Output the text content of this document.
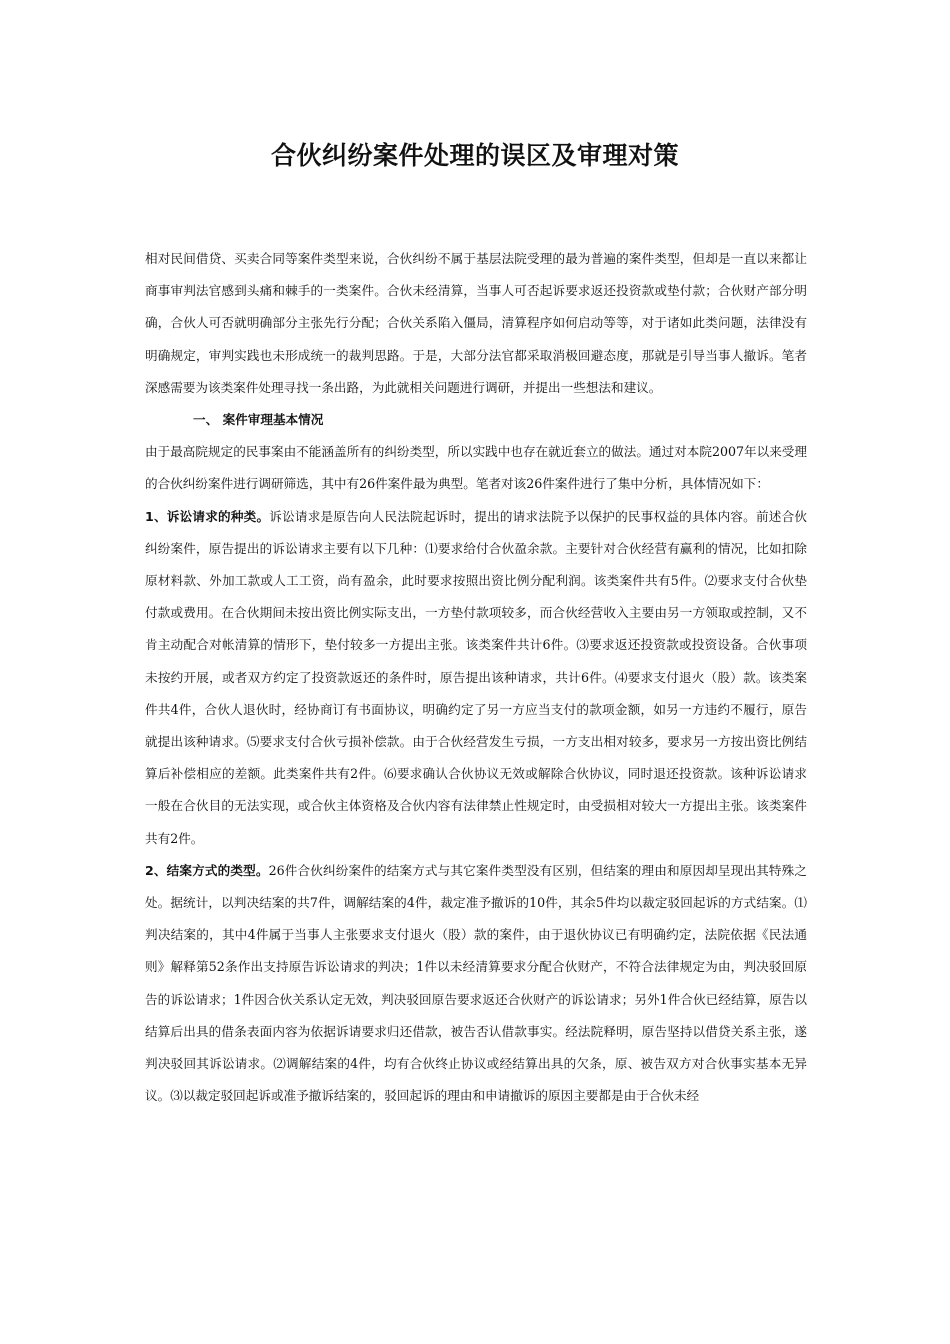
合伙纠纷案件处理的误区及审理对策

相对民间借贷、买卖合同等案件类型来说，合伙纠纷不属于基层法院受理的最为普遍的案件类型，但却是一直以来都让商事审判法官感到头痛和棘手的一类案件。合伙未经清算，当事人可否起诉要求返还投资款或垫付款；合伙财产部分明确，合伙人可否就明确部分主张先行分配；合伙关系陷入僵局，清算程序如何启动等等，对于诸如此类问题，法律没有明确规定，审判实践也未形成统一的裁判思路。于是，大部分法官都采取消极回避态度，那就是引导当事人撤诉。笔者深感需要为该类案件处理寻找一条出路，为此就相关问题进行调研，并提出一些想法和建议。

一、 案件审理基本情况

由于最高院规定的民事案由不能涵盖所有的纠纷类型，所以实践中也存在就近套立的做法。通过对本院2007年以来受理的合伙纠纷案件进行调研筛选，其中有26件案件最为典型。笔者对该26件案件进行了集中分析，具体情况如下：

1、诉讼请求的种类。诉讼请求是原告向人民法院起诉时，提出的请求法院予以保护的民事权益的具体内容。前述合伙纠纷案件，原告提出的诉讼请求主要有以下几种：⑴要求给付合伙盈余款。主要针对合伙经营有赢利的情况，比如扣除原材料款、外加工款或人工工资，尚有盈余，此时要求按照出资比例分配利润。该类案件共有5件。⑵要求支付合伙垫付款或费用。在合伙期间未按出资比例实际支出，一方垫付款项较多，而合伙经营收入主要由另一方领取或控制，又不肯主动配合对帐清算的情形下，垫付较多一方提出主张。该类案件共计6件。⑶要求返还投资款或投资设备。合伙事项未按约开展，或者双方约定了投资款返还的条件时，原告提出该种请求，共计6件。⑷要求支付退火（股）款。该类案件共4件，合伙人退伙时，经协商订有书面协议，明确约定了另一方应当支付的款项金额，如另一方违约不履行，原告就提出该种请求。⑸要求支付合伙亏损补偿款。由于合伙经营发生亏损，一方支出相对较多，要求另一方按出资比例结算后补偿相应的差额。此类案件共有2件。⑹要求确认合伙协议无效或解除合伙协议，同时退还投资款。该种诉讼请求一般在合伙目的无法实现，或合伙主体资格及合伙内容有法律禁止性规定时，由受损相对较大一方提出主张。该类案件共有2件。

2、结案方式的类型。26件合伙纠纷案件的结案方式与其它案件类型没有区别，但结案的理由和原因却呈现出其特殊之处。据统计，以判决结案的共7件，调解结案的4件，裁定准予撤诉的10件，其余5件均以裁定驳回起诉的方式结案。⑴判决结案的，其中4件属于当事人主张要求支付退火（股）款的案件，由于退伙协议已有明确约定，法院依据《民法通则》解释第52条作出支持原告诉讼请求的判决；1件以未经清算要求分配合伙财产，不符合法律规定为由，判决驳回原告的诉讼请求；1件因合伙关系认定无效，判决驳回原告要求返还合伙财产的诉讼请求；另外1件合伙已经结算，原告以结算后出具的借条表面内容为依据诉请要求归还借款，被告否认借款事实。经法院释明，原告坚持以借贷关系主张，遂判决驳回其诉讼请求。⑵调解结案的4件，均有合伙终止协议或经结算出具的欠条，原、被告双方对合伙事实基本无异议。⑶以裁定驳回起诉或准予撤诉结案的，驳回起诉的理由和申请撤诉的原因主要都是由于合伙未经
